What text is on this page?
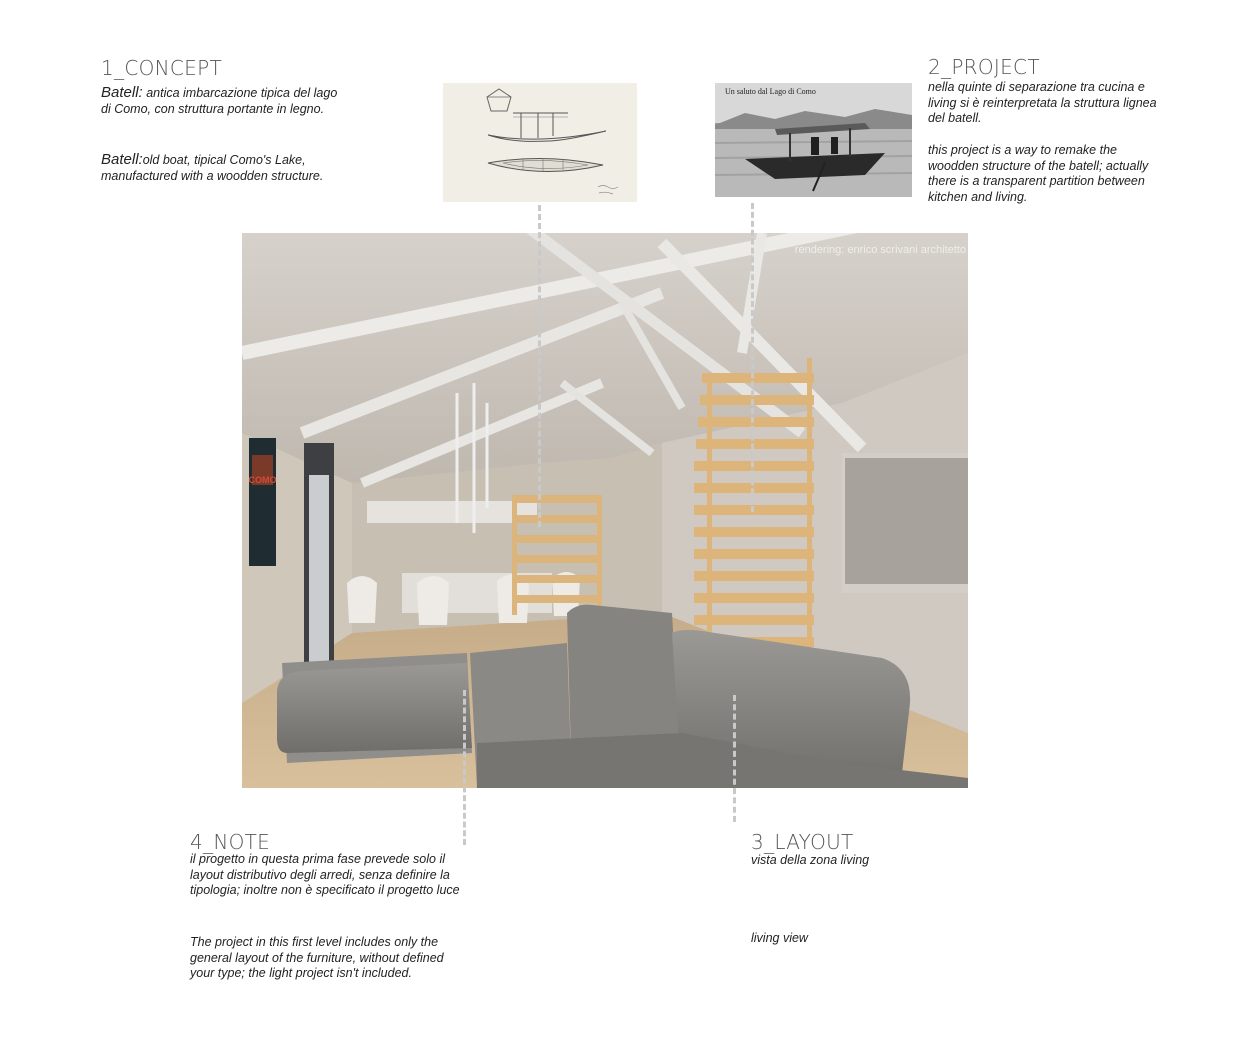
1_CONCEPT
Batell: antica imbarcazione tipica del lago di Como, con struttura portante in legno.
Batell:old boat, tipical Como's Lake, manufactured with a woodden structure.
Un saluto dal Lago di Como
2_PROJECT
nella quinte di separazione tra cucina e living si è reinterpretata la struttura lignea del batell.
this project is a way to remake the woodden structure of the batell; actually there is a transparent partition between kitchen and living.
COMO
rendering: enrico scrivani architetto
4_NOTE
il progetto in questa prima fase prevede solo il layout distributivo degli arredi, senza definire la tipologia; inoltre non è specificato il progetto luce
The project in this first level includes only the general layout of the furniture, without defined your type; the light project isn't included.
3_LAYOUT
vista della zona living
living view
